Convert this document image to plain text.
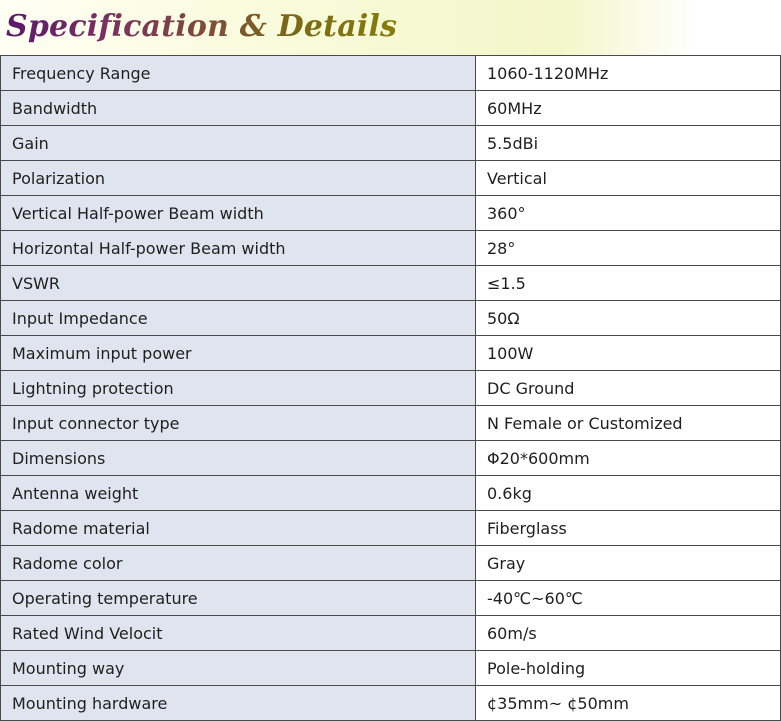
Specification & Details
Frequency Range	1060-1120MHz
Bandwidth	60MHz
Gain	5.5dBi
Polarization	Vertical
Vertical Half-power Beam width	360°
Horizontal Half-power Beam width	28°
VSWR	≤1.5
Input Impedance	50Ω
Maximum input power	100W
Lightning protection	DC Ground
Input connector type	N Female or Customized
Dimensions	Φ20*600mm
Antenna weight	0.6kg
Radome material	Fiberglass
Radome color	Gray
Operating temperature	-40℃~60℃
Rated Wind Velocit	60m/s
Mounting way	Pole-holding
Mounting hardware	¢35mm~ ¢50mm
